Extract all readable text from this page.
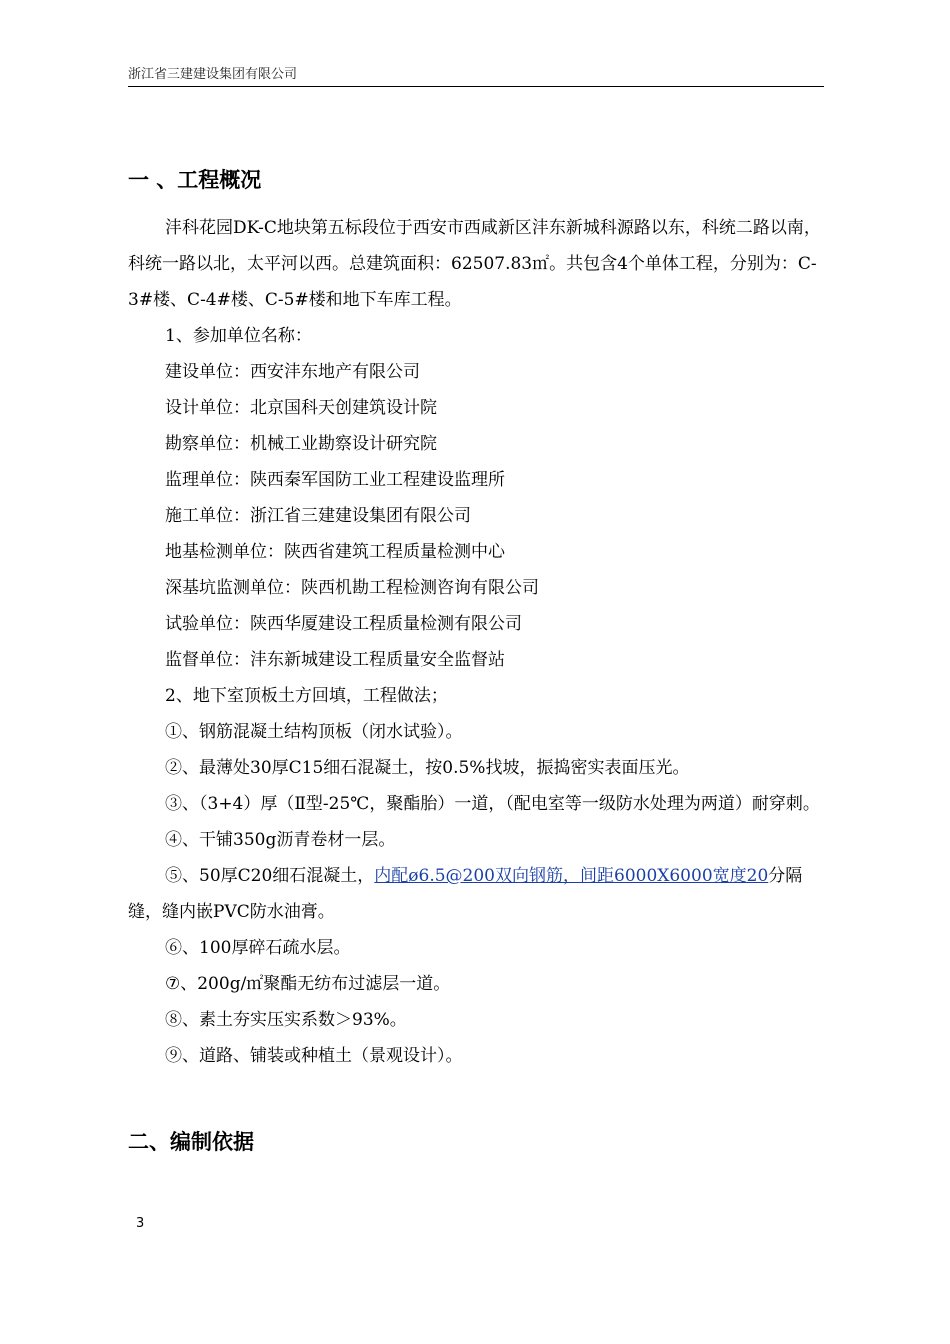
浙江省三建建设集团有限公司
一 、工程概况

沣科花园DK-C地块第五标段位于西安市西咸新区沣东新城科源路以东，科统二路以南，科统一路以北，太平河以西。总建筑面积：62507.83㎡。共包含4个单体工程，分别为：C-3#楼、C-4#楼、C-5#楼和地下车库工程。

1、参加单位名称：

建设单位：西安沣东地产有限公司

设计单位：北京国科天创建筑设计院

勘察单位：机械工业勘察设计研究院

监理单位：陕西秦军国防工业工程建设监理所

施工单位：浙江省三建建设集团有限公司

地基检测单位：陕西省建筑工程质量检测中心

深基坑监测单位：陕西机勘工程检测咨询有限公司

试验单位：陕西华厦建设工程质量检测有限公司

监督单位：沣东新城建设工程质量安全监督站

2、地下室顶板土方回填，工程做法；

①、钢筋混凝土结构顶板（闭水试验）。

②、最薄处30厚C15细石混凝土，按0.5%找坡，振捣密实表面压光。

③、（3+4）厚（Ⅱ型-25℃，聚酯胎）一道，（配电室等一级防水处理为两道）耐穿刺。

④、干铺350g沥青卷材一层。

⑤、50厚C20细石混凝土，内配ø6.5@200双向钢筋，间距6000X6000宽度20分隔缝，缝内嵌PVC防水油膏。

⑥、100厚碎石疏水层。

⑦、200g/㎡聚酯无纺布过滤层一道。

⑧、素土夯实压实系数＞93%。

⑨、道路、铺装或种植土（景观设计）。

二、编制依据
3
